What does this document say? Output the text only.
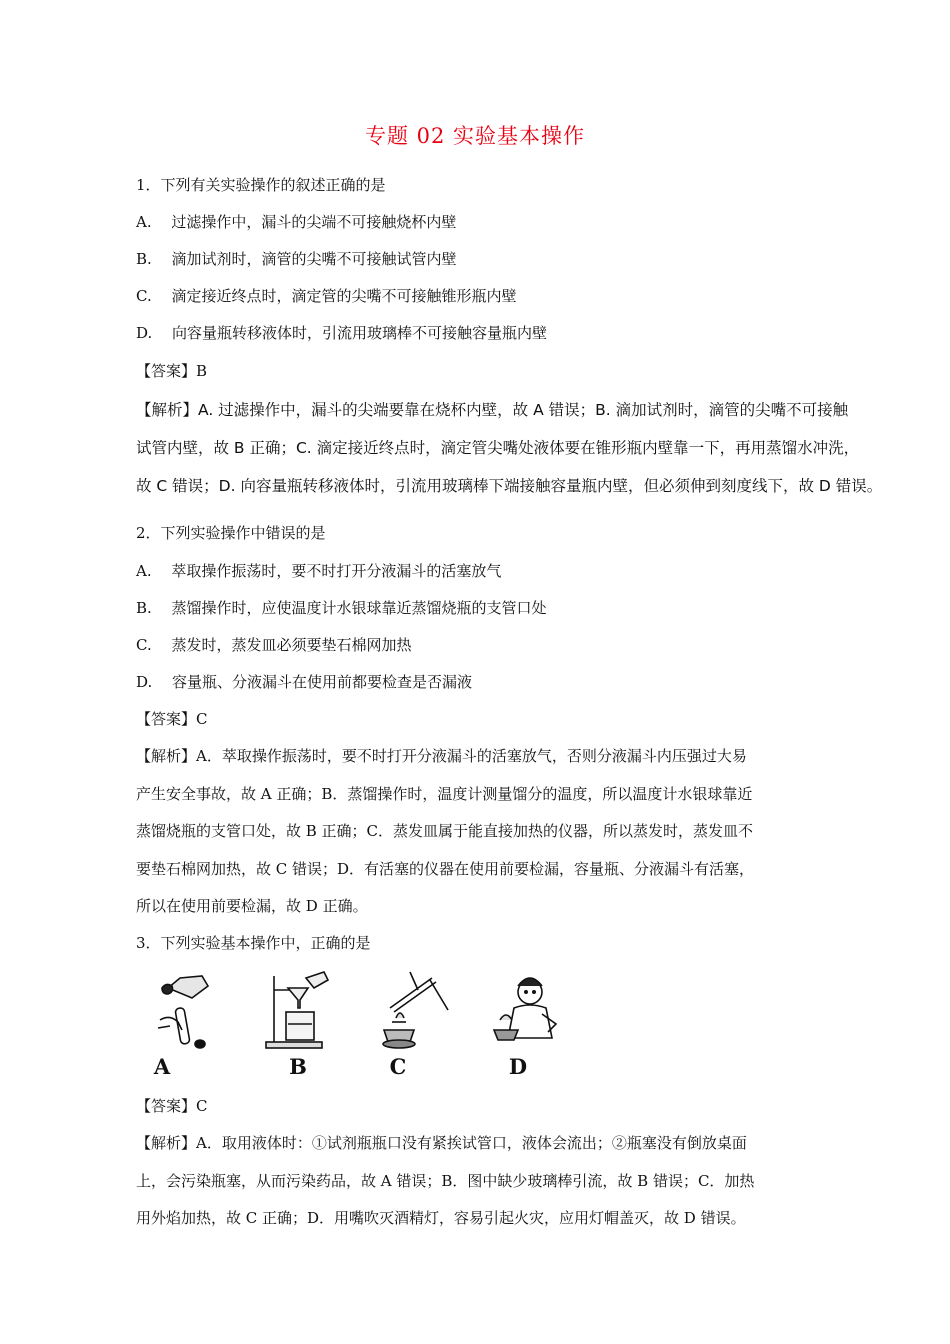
专题 02 实验基本操作
1．下列有关实验操作的叙述正确的是
A.　 过滤操作中，漏斗的尖端不可接触烧杯内壁
B.　 滴加试剂时，滴管的尖嘴不可接触试管内壁
C.　 滴定接近终点时，滴定管的尖嘴不可接触锥形瓶内壁
D.　 向容量瓶转移液体时，引流用玻璃棒不可接触容量瓶内壁
【答案】B
【解析】A. 过滤操作中，漏斗的尖端要靠在烧杯内壁，故 A 错误；B. 滴加试剂时，滴管的尖嘴不可接触
试管内壁，故 B 正确；C. 滴定接近终点时，滴定管尖嘴处液体要在锥形瓶内壁靠一下，再用蒸馏水冲洗，
故 C 错误；D. 向容量瓶转移液体时，引流用玻璃棒下端接触容量瓶内壁，但必须伸到刻度线下，故 D 错误。
2．下列实验操作中错误的是
A.　 萃取操作振荡时，要不时打开分液漏斗的活塞放气
B.　 蒸馏操作时，应使温度计水银球靠近蒸馏烧瓶的支管口处
C.　 蒸发时，蒸发皿必须要垫石棉网加热
D.　 容量瓶、分液漏斗在使用前都要检查是否漏液
【答案】C
【解析】A．萃取操作振荡时，要不时打开分液漏斗的活塞放气，否则分液漏斗内压强过大易
产生安全事故，故 A 正确；B．蒸馏操作时，温度计测量馏分的温度，所以温度计水银球靠近
蒸馏烧瓶的支管口处，故 B 正确；C．蒸发皿属于能直接加热的仪器，所以蒸发时，蒸发皿不
要垫石棉网加热，故 C 错误；D．有活塞的仪器在使用前要检漏，容量瓶、分液漏斗有活塞，
所以在使用前要检漏，故 D 正确。
3．下列实验基本操作中，正确的是
A	B	C	D
【答案】C
【解析】A．取用液体时：①试剂瓶瓶口没有紧挨试管口，液体会流出；②瓶塞没有倒放桌面
上，会污染瓶塞，从而污染药品，故 A 错误；B．图中缺少玻璃棒引流，故 B 错误；C．加热
用外焰加热，故 C 正确；D．用嘴吹灭酒精灯，容易引起火灾，应用灯帽盖灭，故 D 错误。
